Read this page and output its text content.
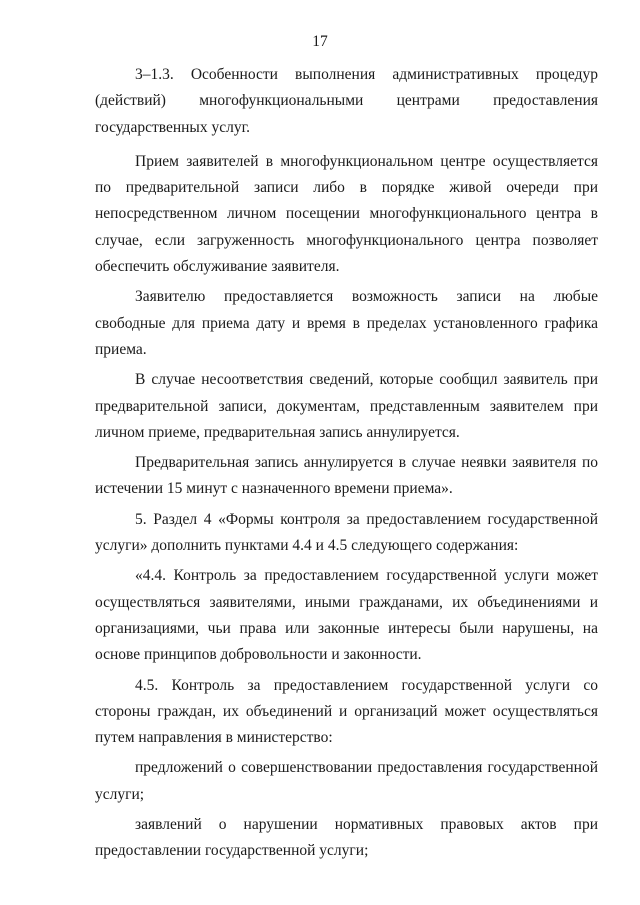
17

3–1.3. Особенности выполнения административных процедур (действий) многофункциональными центрами предоставления государственных услуг.

Прием заявителей в многофункциональном центре осуществляется по предварительной записи либо в порядке живой очереди при непосредственном личном посещении многофункционального центра в случае, если загруженность многофункционального центра позволяет обеспечить обслуживание заявителя.

Заявителю предоставляется возможность записи на любые свободные для приема дату и время в пределах установленного графика приема.

В случае несоответствия сведений, которые сообщил заявитель при предварительной записи, документам, представленным заявителем при личном приеме, предварительная запись аннулируется.

Предварительная запись аннулируется в случае неявки заявителя по истечении 15 минут с назначенного времени приема».

5. Раздел 4 «Формы контроля за предоставлением государственной услуги» дополнить пунктами 4.4 и 4.5 следующего содержания:

«4.4. Контроль за предоставлением государственной услуги может осуществляться заявителями, иными гражданами, их объединениями и организациями, чьи права или законные интересы были нарушены, на основе принципов добровольности и законности.

4.5. Контроль за предоставлением государственной услуги со стороны граждан, их объединений и организаций может осуществляться путем направления в министерство:

предложений о совершенствовании предоставления государственной услуги;

заявлений о нарушении нормативных правовых актов при предоставлении государственной услуги;
